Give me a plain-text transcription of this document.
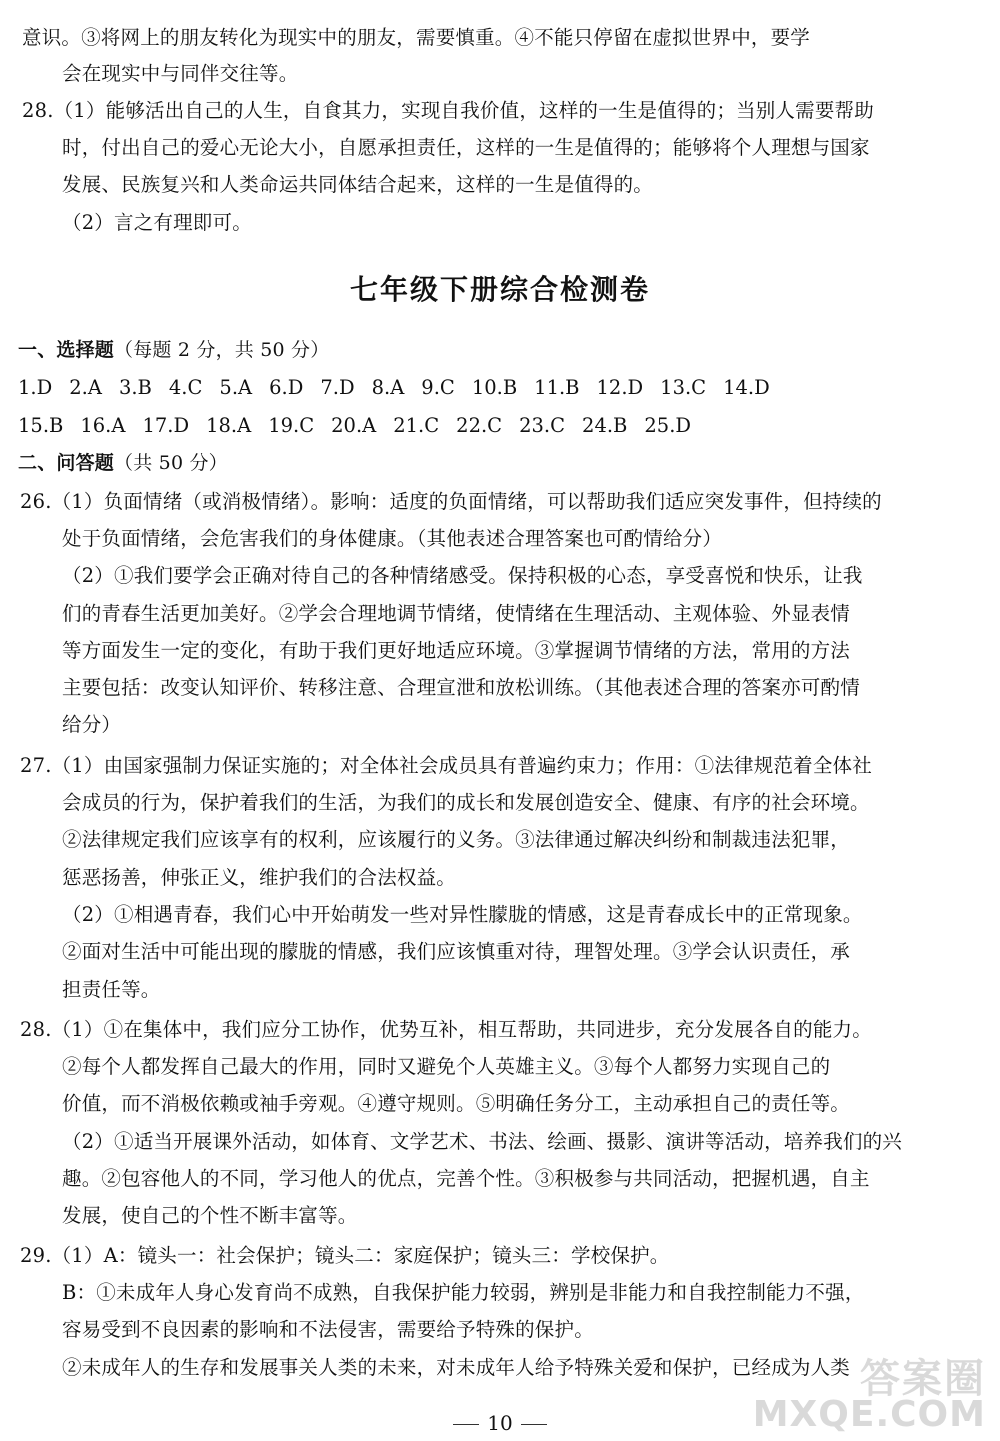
意识。③将网上的朋友转化为现实中的朋友，需要慎重。④不能只停留在虚拟世界中，要学
会在现实中与同伴交往等。
28.（1）能够活出自己的人生，自食其力，实现自我价值，这样的一生是值得的；当别人需要帮助
时，付出自己的爱心无论大小，自愿承担责任，这样的一生是值得的；能够将个人理想与国家
发展、民族复兴和人类命运共同体结合起来，这样的一生是值得的。
（2）言之有理即可。
七年级下册综合检测卷
一、选择题（每题 2 分，共 50 分）
1.D 2.A 3.B 4.C 5.A 6.D 7.D 8.A 9.C 10.B 11.B 12.D 13.C 14.D
15.B 16.A 17.D 18.A 19.C 20.A 21.C 22.C 23.C 24.B 25.D
二、问答题（共 50 分）
26.（1）负面情绪（或消极情绪）。影响：适度的负面情绪，可以帮助我们适应突发事件，但持续的
处于负面情绪，会危害我们的身体健康。（其他表述合理答案也可酌情给分）
（2）①我们要学会正确对待自己的各种情绪感受。保持积极的心态，享受喜悦和快乐，让我
们的青春生活更加美好。②学会合理地调节情绪，使情绪在生理活动、主观体验、外显表情
等方面发生一定的变化，有助于我们更好地适应环境。③掌握调节情绪的方法，常用的方法
主要包括：改变认知评价、转移注意、合理宣泄和放松训练。（其他表述合理的答案亦可酌情
给分）
27.（1）由国家强制力保证实施的；对全体社会成员具有普遍约束力；作用：①法律规范着全体社
会成员的行为，保护着我们的生活，为我们的成长和发展创造安全、健康、有序的社会环境。
②法律规定我们应该享有的权利，应该履行的义务。③法律通过解决纠纷和制裁违法犯罪，
惩恶扬善，伸张正义，维护我们的合法权益。
（2）①相遇青春，我们心中开始萌发一些对异性朦胧的情感，这是青春成长中的正常现象。
②面对生活中可能出现的朦胧的情感，我们应该慎重对待，理智处理。③学会认识责任，承
担责任等。
28.（1）①在集体中，我们应分工协作，优势互补，相互帮助，共同进步，充分发展各自的能力。
②每个人都发挥自己最大的作用，同时又避免个人英雄主义。③每个人都努力实现自己的
价值，而不消极依赖或袖手旁观。④遵守规则。⑤明确任务分工，主动承担自己的责任等。
（2）①适当开展课外活动，如体育、文学艺术、书法、绘画、摄影、演讲等活动，培养我们的兴
趣。②包容他人的不同，学习他人的优点，完善个性。③积极参与共同活动，把握机遇，自主
发展，使自己的个性不断丰富等。
29.（1）A：镜头一：社会保护；镜头二：家庭保护；镜头三：学校保护。
B：①未成年人身心发育尚不成熟，自我保护能力较弱，辨别是非能力和自我控制能力不强，
容易受到不良因素的影响和不法侵害，需要给予特殊的保护。
②未成年人的生存和发展事关人类的未来，对未成年人给予特殊关爱和保护，已经成为人类
10
答案圈
MXQE.COM
